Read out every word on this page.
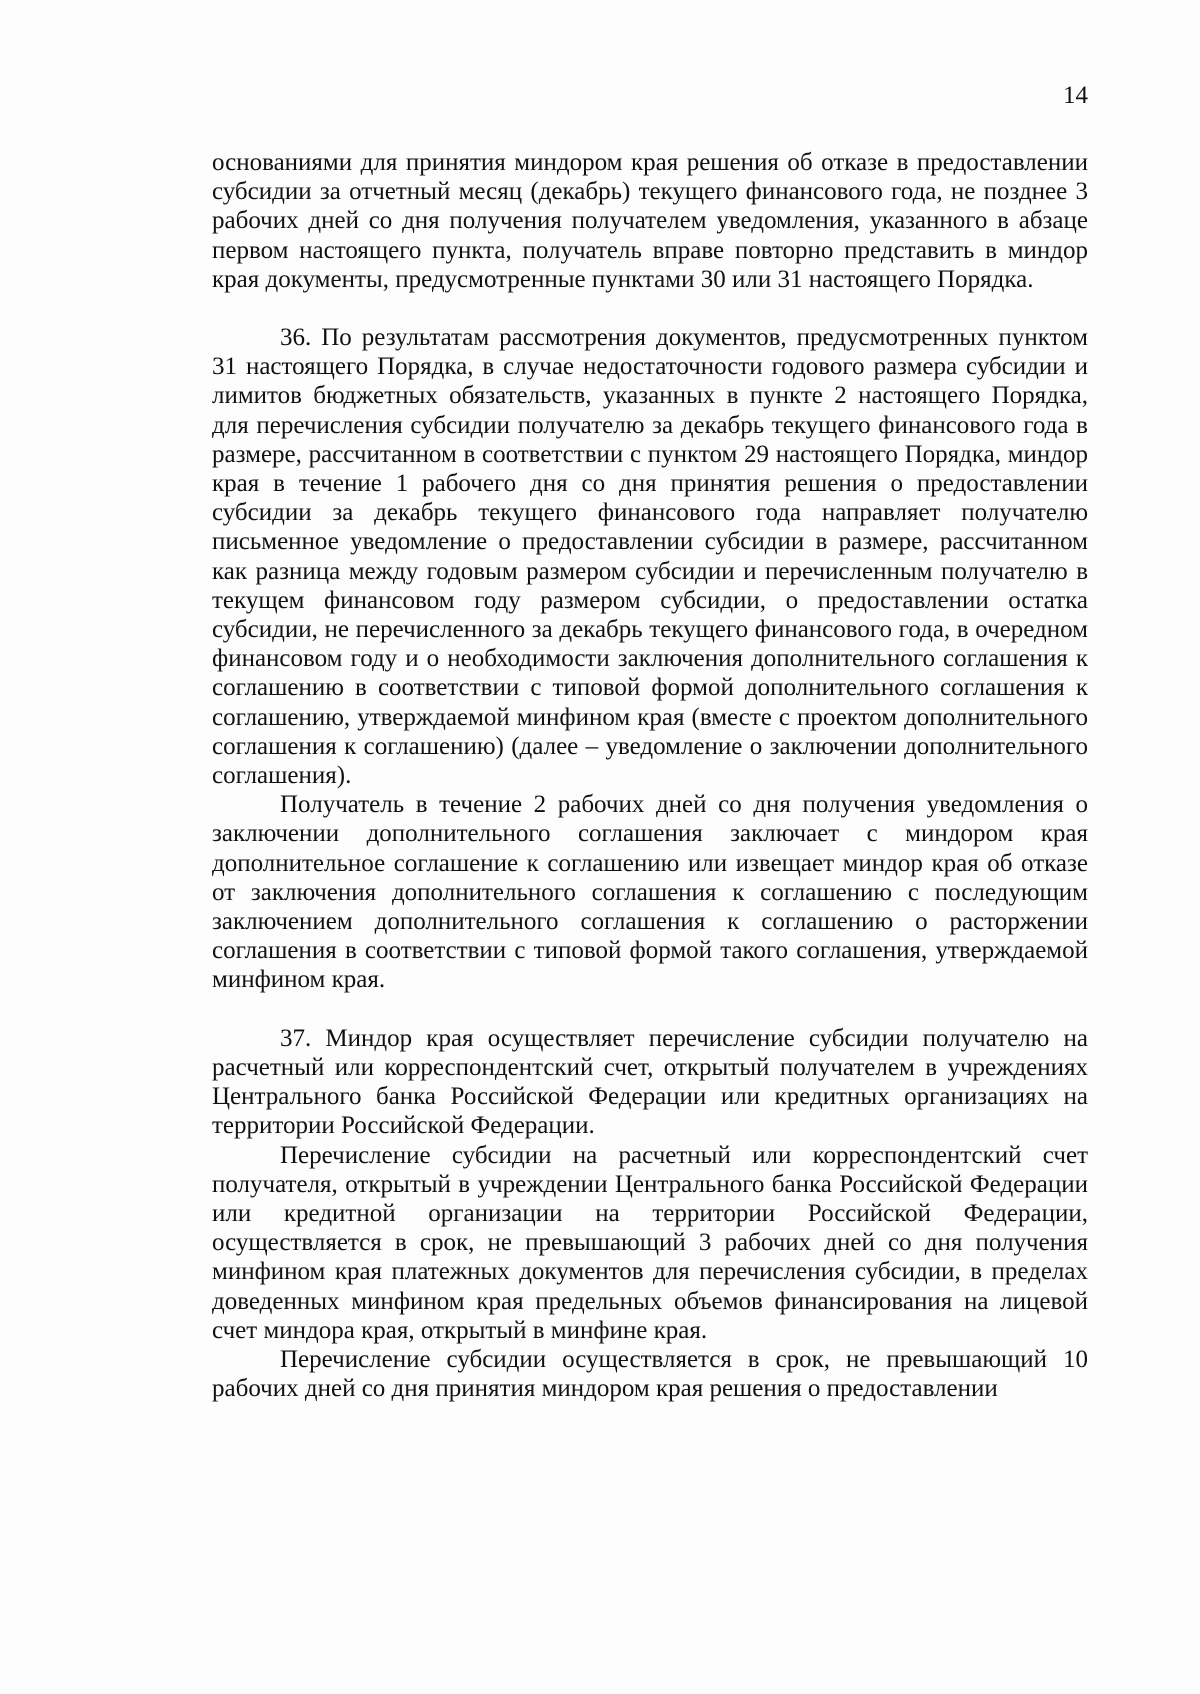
14

основаниями для принятия миндором края решения об отказе в предоставлении субсидии за отчетный месяц (декабрь) текущего финансового года, не позднее 3 рабочих дней со дня получения получателем уведомления, указанного в абзаце первом настоящего пункта, получатель вправе повторно представить в миндор края документы, предусмотренные пунктами 30 или 31 настоящего Порядка.

36. По результатам рассмотрения документов, предусмотренных пунктом 31 настоящего Порядка, в случае недостаточности годового размера субсидии и лимитов бюджетных обязательств, указанных в пункте 2 настоящего Порядка, для перечисления субсидии получателю за декабрь текущего финансового года в размере, рассчитанном в соответствии с пунктом 29 настоящего Порядка, миндор края в течение 1 рабочего дня со дня принятия решения о предоставлении субсидии за декабрь текущего финансового года направляет получателю письменное уведомление о предоставлении субсидии в размере, рассчитанном как разница между годовым размером субсидии и перечисленным получателю в текущем финансовом году размером субсидии, о предоставлении остатка субсидии, не перечисленного за декабрь текущего финансового года, в очередном финансовом году и о необходимости заключения дополнительного соглашения к соглашению в соответствии с типовой формой дополнительного соглашения к соглашению, утверждаемой минфином края (вместе с проектом дополнительного соглашения к соглашению) (далее – уведомление о заключении дополнительного соглашения).

Получатель в течение 2 рабочих дней со дня получения уведомления о заключении дополнительного соглашения заключает с миндором края дополнительное соглашение к соглашению или извещает миндор края об отказе от заключения дополнительного соглашения к соглашению с последующим заключением дополнительного соглашения к соглашению о расторжении соглашения в соответствии с типовой формой такого соглашения, утверждаемой минфином края.

37. Миндор края осуществляет перечисление субсидии получателю на расчетный или корреспондентский счет, открытый получателем в учреждениях Центрального банка Российской Федерации или кредитных организациях на территории Российской Федерации.

Перечисление субсидии на расчетный или корреспондентский счет получателя, открытый в учреждении Центрального банка Российской Федерации или кредитной организации на территории Российской Федерации, осуществляется в срок, не превышающий 3 рабочих дней со дня получения минфином края платежных документов для перечисления субсидии, в пределах доведенных минфином края предельных объемов финансирования на лицевой счет миндора края, открытый в минфине края.

Перечисление субсидии осуществляется в срок, не превышающий 10 рабочих дней со дня принятия миндором края решения о предоставлении
